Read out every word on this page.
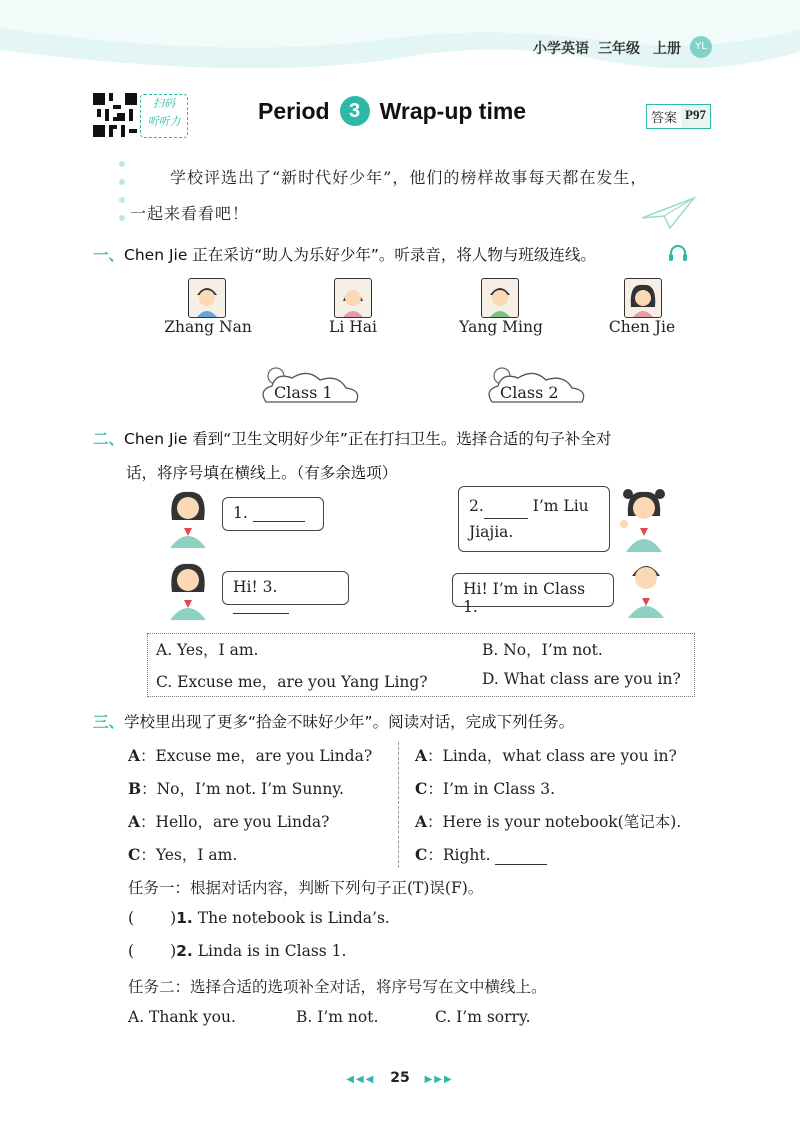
小学英语 三年级 上册	YL
扫码
听听力	Period 3 Wrap-up time	答案 P97
学校评选出了“新时代好少年”，他们的榜样故事每天都在发生，
一起来看看吧！
一、Chen Jie 正在采访“助人为乐好少年”。听录音，将人物与班级连线。
Zhang Nan	Li Hai	Yang Ming	Chen Jie
Class 1	Class 2
二、Chen Jie 看到“卫生文明好少年”正在打扫卫生。选择合适的句子补全对
话，将序号填在横线上。（有多余选项）
1.
Hi! 3.
2.	I’m Liu
Jiajia.
Hi! I’m in Class 1.
A. Yes，I am.	B. No，I’m not.
C. Excuse me，are you Yang Ling?	D. What class are you in?
三、学校里出现了更多“拾金不昧好少年”。阅读对话，完成下列任务。
A：Excuse me，are you Linda?
B：No，I’m not. I’m Sunny.
A：Hello，are you Linda?
C：Yes，I am.
A：Linda，what class are you in?
C：I’m in Class 3.
A：Here is your notebook(笔记本).
C：Right.
任务一：根据对话内容，判断下列句子正(T)误(F)。
( )1. The notebook is Linda’s.
( )2. Linda is in Class 1.
任务二：选择合适的选项补全对话，将序号写在文中横线上。
A. Thank you.	B. I’m not.	C. I’m sorry.
◀◀◀ 25 ▶▶▶
